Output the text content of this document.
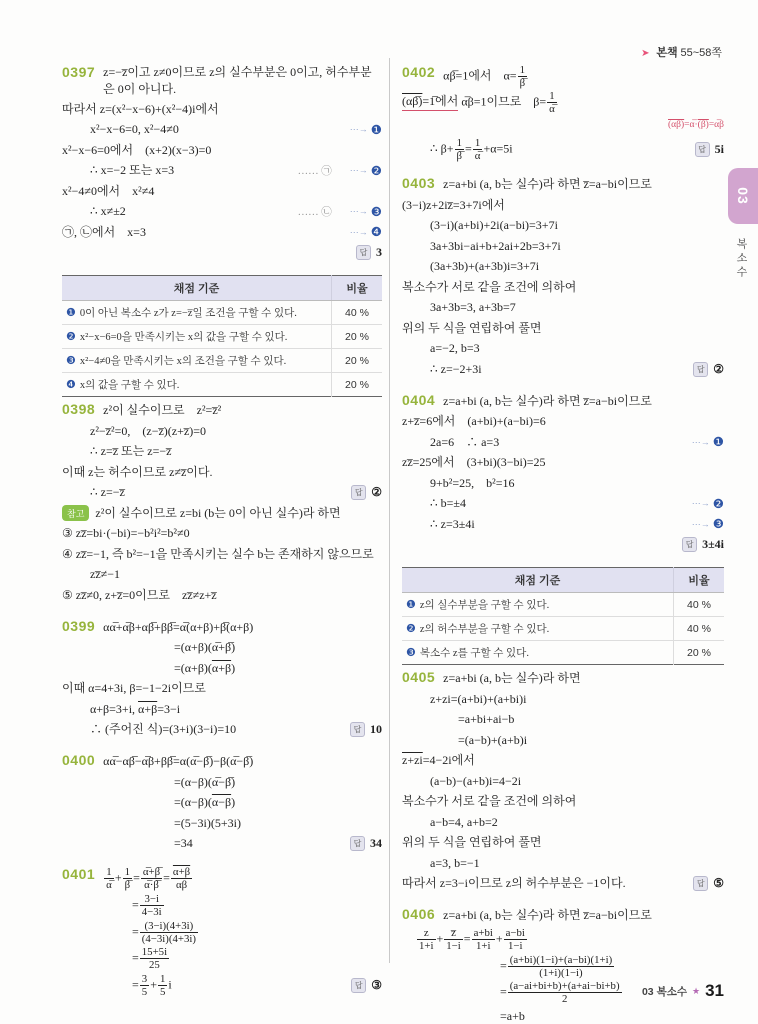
➤ 본책 55~58쪽
0397 z=−z̅이고 z≠0이므로 z의 실수부분은 0이고, 허수부분은 0이 아니다.
따라서 z=(x²−x−6)+(x²−4)i에서
x²−x−6=0, x²−4≠0	⋯→ ❶
x²−x−6=0에서　(x+2)(x−3)=0
∴ x=−2 또는 x=3	…… ㉠ ⋯→ ❷
x²−4≠0에서　x²≠4
∴ x≠±2	…… ㉡ ⋯→ ❸
㉠, ㉡에서　x=3	⋯→ ❹
답 3
채점 기준	비율
❶ 0이 아닌 복소수 z가 z=−z̅일 조건을 구할 수 있다.	40 %
❷ x²−x−6=0을 만족시키는 x의 값을 구할 수 있다.	20 %
❸ x²−4≠0을 만족시키는 x의 조건을 구할 수 있다.	20 %
❹ x의 값을 구할 수 있다.	20 %
0398 z²이 실수이므로　z²=z̅²
z²−z̅²=0,　(z−z̅)(z+z̅)=0
∴ z=z̅ 또는 z=−z̅
이때 z는 허수이므로 z≠z̅이다.
∴ z=−z̅	답 ②
참고 z²이 실수이므로 z=bi (b는 0이 아닌 실수)라 하면
③ zz̅=bi·(−bi)=−b²i²=b²≠0
④ zz̅=−1, 즉 b²=−1을 만족시키는 실수 b는 존재하지 않으므로
zz̅≠−1
⑤ zz̅≠0, z+z̅=0이므로　zz̅≠z+z̅
0399 αα̅+α̅β+αβ̅+ββ̅=α̅(α+β)+β̅(α+β)
=(α+β)(α̅+β̅)
=(α+β)(α+β)
이때 α=4+3i, β=−1−2i이므로
α+β=3+i, α+β=3−i
∴ (주어진 식)=(3+i)(3−i)=10	답 10
0400 αα̅−αβ̅−α̅β+ββ̅=α(α̅−β̅)−β(α̅−β̅)
=(α−β)(α̅−β̅)
=(α−β)(α−β)
=(5−3i)(5+3i)
=34	답 34
$0401 \frac{1}{\alpha̅} + \frac{1}{\beta̅} = \frac{\alpha̅+\beta̅}{\alpha̅\cdot\beta̅} = \frac{\alpha+\beta}{\alpha\beta}$
= $\frac{3-i}{4-3i}$
= $\frac{(3-i)(4+3i)}{(4-3i)(4+3i)}$
= $\frac{15+5i}{25}$
= $\frac{3}{5} + \frac{1}{5}$ i	답 ③
0402 αβ̅=1에서　$\alpha= \frac{1}{\beta̅}$
(αβ̅)=1̅에서 α̅β=1이므로　$\beta= \frac{1}{\alpha̅}$
(αβ̅)=α̅·(β̅)=α̅β
∴ $\beta+ \frac{1}{\beta̅} = \frac{1}{\alpha̅} +\alpha=5i$	답 5i
0403 z=a+bi (a, b는 실수)라 하면 z̅=a−bi이므로
(3−i)z+2iz̅=3+7i에서
(3−i)(a+bi)+2i(a−bi)=3+7i
3a+3bi−ai+b+2ai+2b=3+7i
(3a+3b)+(a+3b)i=3+7i
복소수가 서로 같을 조건에 의하여
3a+3b=3, a+3b=7
위의 두 식을 연립하여 풀면
a=−2, b=3
∴ z=−2+3i	답 ②
0404 z=a+bi (a, b는 실수)라 하면 z̅=a−bi이므로
z+z̅=6에서　(a+bi)+(a−bi)=6
2a=6　∴ a=3	⋯→ ❶
zz̅=25에서　(3+bi)(3−bi)=25
9+b²=25,　b²=16
∴ b=±4	⋯→ ❷
∴ z=3±4i	⋯→ ❸
답 3±4i
채점 기준	비율
❶ z의 실수부분을 구할 수 있다.	40 %
❷ z의 허수부분을 구할 수 있다.	40 %
❸ 복소수 z를 구할 수 있다.	20 %
0405 z=a+bi (a, b는 실수)라 하면
z+zi=(a+bi)+(a+bi)i
=a+bi+ai−b
=(a−b)+(a+b)i
z+zi=4−2i에서
(a−b)−(a+b)i=4−2i
복소수가 서로 같을 조건에 의하여
a−b=4, a+b=2
위의 두 식을 연립하여 풀면
a=3, b=−1
따라서 z=3−i이므로 z의 허수부분은 −1이다.	답 ⑤
0406 z=a+bi (a, b는 실수)라 하면 z̅=a−bi이므로
$\frac{z}{1+i} + \frac{z̅}{1-i} = \frac{a+bi}{1+i} + \frac{a-bi}{1-i}$
= $\frac{(a+bi)(1-i)+(a-bi)(1+i)}{(1+i)(1-i)}$
= $\frac{(a-ai+bi+b)+(a+ai-bi+b)}{2}$
=a+b
03
복소수
03 복소수 ★ 31
